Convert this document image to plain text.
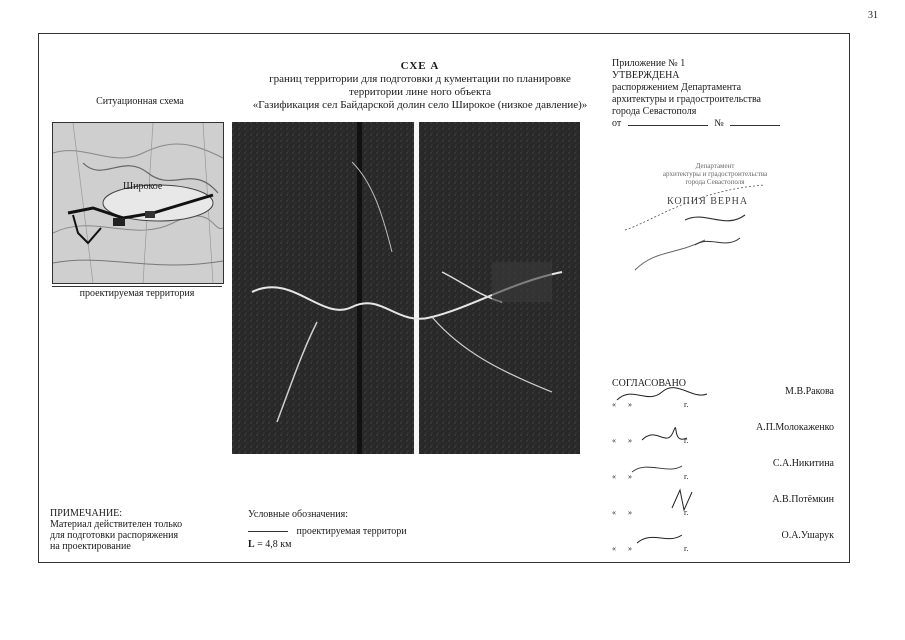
31
СХЕ А
границ территории для подготовки д кументации по планировке
территории лине ного объекта
«Газификация сел Байдарской долин село Широкое (низкое давление)»
Ситуационная схема
Широкое
проектируемая территория
Приложение № 1
УТВЕРЖДЕНА
распоряжением Департамента
архитектуры и градостроительства
города Севастополя
от	№
Департамент
архитектуры и градостроительства
города Севастополя
КОПИЯ ВЕРНА
СОГЛАСОВАНО
М.В.Ракова
«      »                          г.
А.П.Молокаженко
«      »                          г.
С.А.Никитина
«      »                          г.
А.В.Потёмкин
«      »                          г.
О.А.Ушарук
«      »                          г.
ПРИМЕЧАНИЕ:
Материал действителен только
для подготовки распоряжения
на проектирование
Условные обозначения:
проектируемая территори
L = 4,8 км
